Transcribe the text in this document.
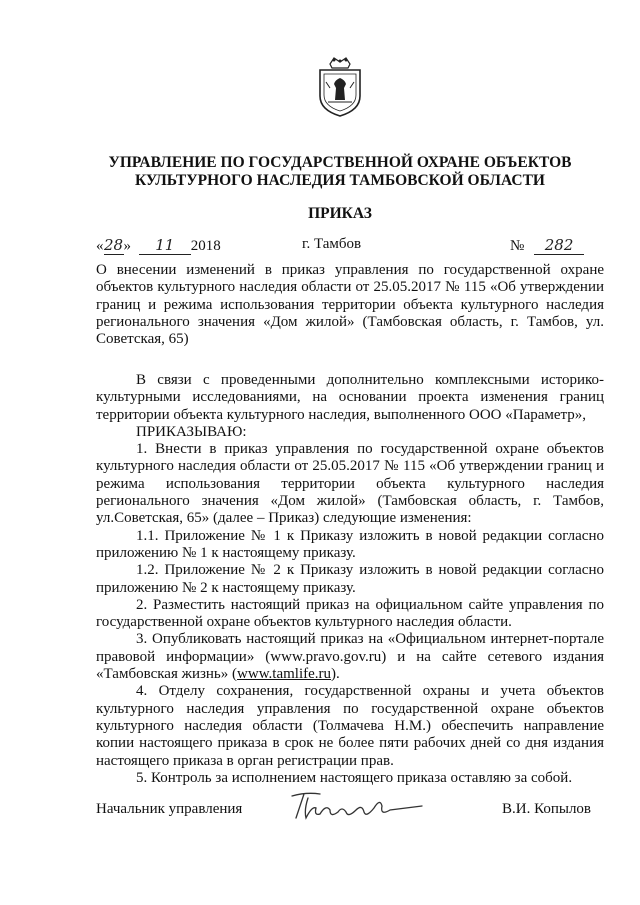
УПРАВЛЕНИЕ ПО ГОСУДАРСТВЕННОЙ ОХРАНЕ ОБЪЕКТОВ
КУЛЬТУРНОГО НАСЛЕДИЯ ТАМБОВСКОЙ ОБЛАСТИ
ПРИКАЗ
«28» 11 2018	г. Тамбов	№ 282

О внесении изменений в приказ управления по государственной охране объектов культурного наследия области от 25.05.2017 № 115 «Об утверждении границ и режима использования территории объекта культурного наследия регионального значения «Дом жилой» (Тамбовская область, г. Тамбов, ул. Советская, 65)

В связи с проведенными дополнительно комплексными историко-культурными исследованиями, на основании проекта изменения границ территории объекта культурного наследия, выполненного ООО «Параметр»,

ПРИКАЗЫВАЮ:

1. Внести в приказ управления по государственной охране объектов культурного наследия области от 25.05.2017 № 115 «Об утверждении границ и режима использования территории объекта культурного наследия регионального значения «Дом жилой» (Тамбовская область, г. Тамбов, ул.Советская, 65» (далее – Приказ) следующие изменения:

1.1. Приложение № 1 к Приказу изложить в новой редакции согласно приложению № 1 к настоящему приказу.

1.2. Приложение № 2 к Приказу изложить в новой редакции согласно приложению № 2 к настоящему приказу.

2. Разместить настоящий приказ на официальном сайте управления по государственной охране объектов культурного наследия области.

3. Опубликовать настоящий приказ на «Официальном интернет-портале правовой информации» (www.pravo.gov.ru) и на сайте сетевого издания «Тамбовская жизнь» (www.tamlife.ru).

4. Отделу сохранения, государственной охраны и учета объектов культурного наследия управления по государственной охране объектов культурного наследия области (Толмачева Н.М.) обеспечить направление копии настоящего приказа в срок не более пяти рабочих дней со дня издания настоящего приказа в орган регистрации прав.

5. Контроль за исполнением настоящего приказа оставляю за собой.

Начальник управления	В.И. Копылов
